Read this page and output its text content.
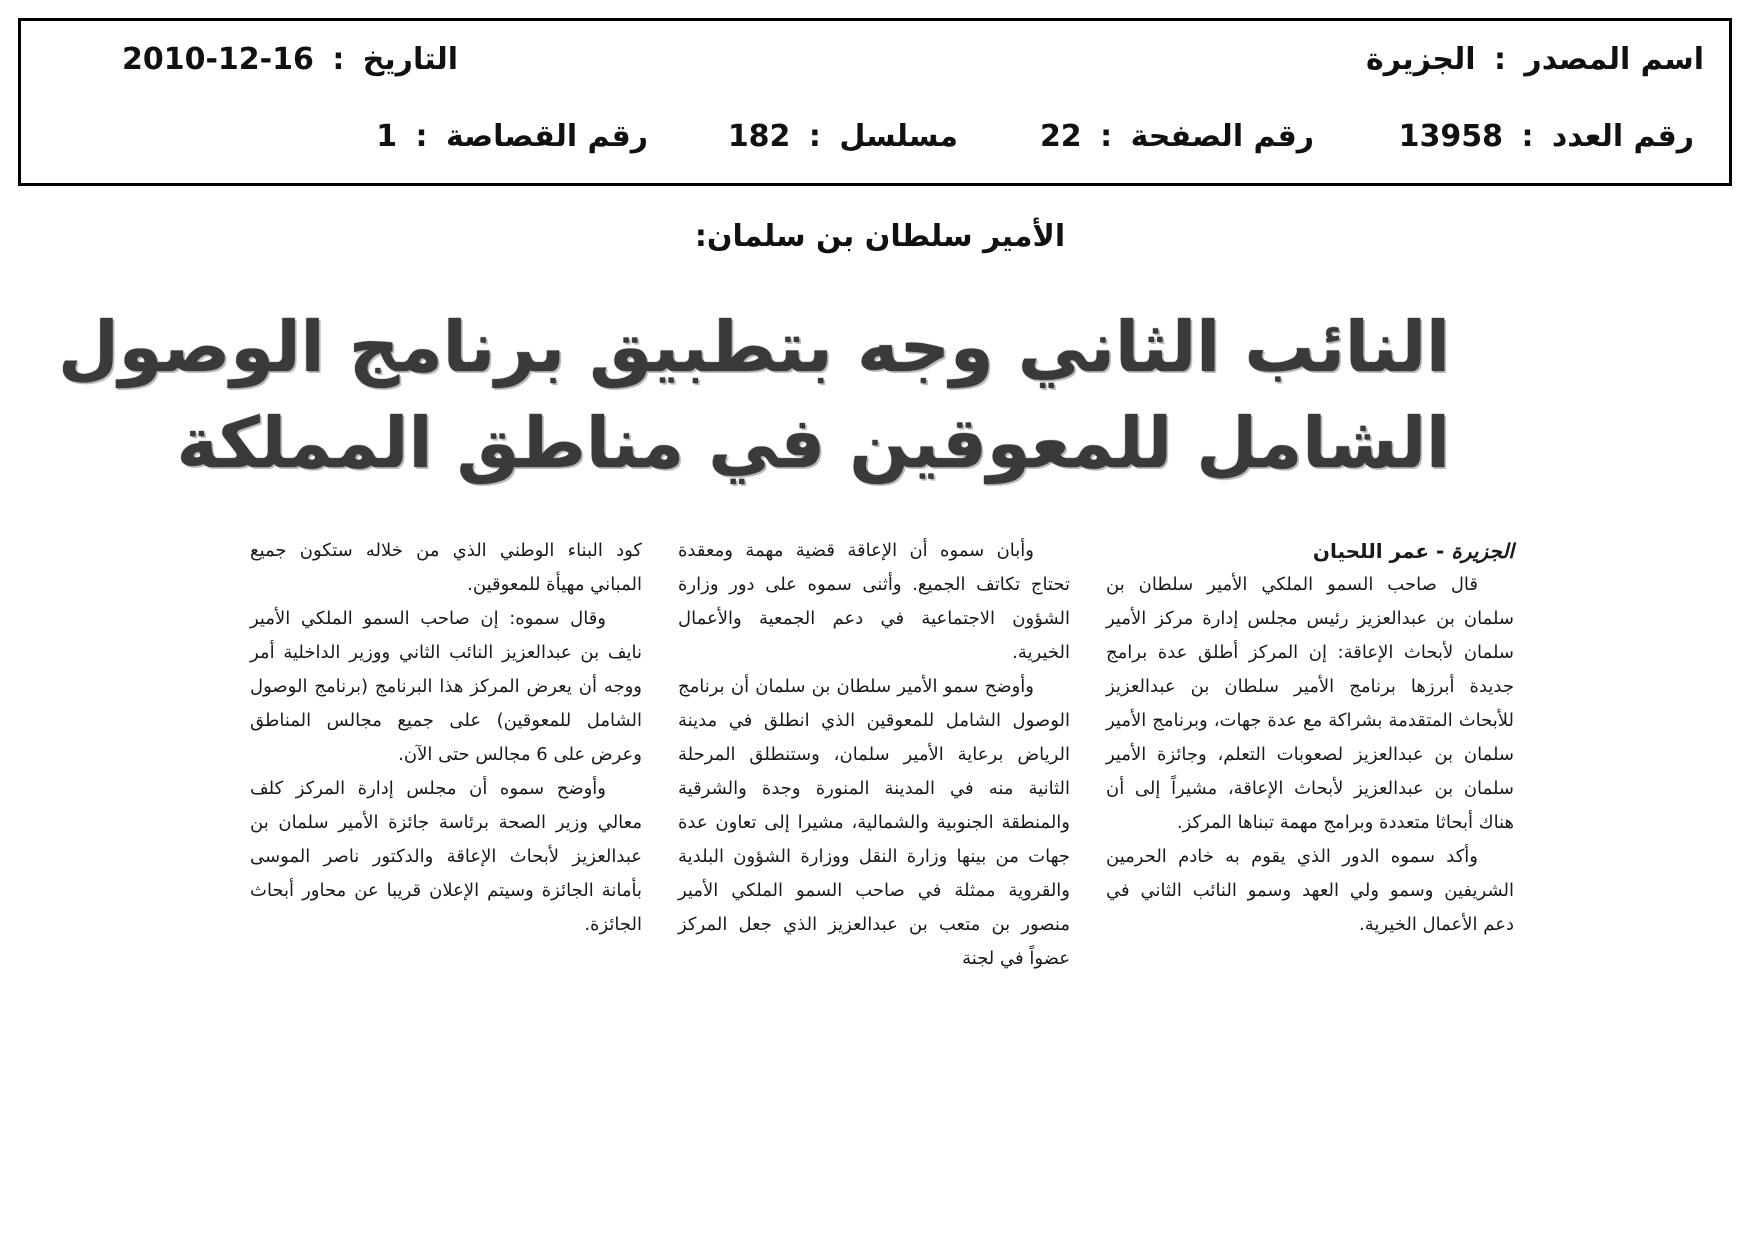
اسم المصدر : الجزيرة
التاريخ : 2010-12-16
رقم العدد : 13958
رقم الصفحة : 22
مسلسل : 182
رقم القصاصة : 1
الأمير سلطان بن سلمان:
النائب الثاني وجه بتطبيق برنامج الوصول
الشامل للمعوقين في مناطق المملكة
الجزيرة - عمر اللحيان
قال صاحب السمو الملكي الأمير سلطان بن سلمان بن عبدالعزيز رئيس مجلس إدارة مركز الأمير سلمان لأبحاث الإعاقة: إن المركز أطلق عدة برامج جديدة أبرزها برنامج الأمير سلطان بن عبدالعزيز للأبحاث المتقدمة بشراكة مع عدة جهات، وبرنامج الأمير سلمان بن عبدالعزيز لصعوبات التعلم، وجائزة الأمير سلمان بن عبدالعزيز لأبحاث الإعاقة، مشيراً إلى أن هناك أبحاثا متعددة وبرامج مهمة تبناها المركز.
وأكد سموه الدور الذي يقوم به خادم الحرمين الشريفين وسمو ولي العهد وسمو النائب الثاني في دعم الأعمال الخيرية.
وأبان سموه أن الإعاقة قضية مهمة ومعقدة تحتاج تكاتف الجميع. وأثنى سموه على دور وزارة الشؤون الاجتماعية في دعم الجمعية والأعمال الخيرية.
وأوضح سمو الأمير سلطان بن سلمان أن برنامج الوصول الشامل للمعوقين الذي انطلق في مدينة الرياض برعاية الأمير سلمان، وستنطلق المرحلة الثانية منه في المدينة المنورة وجدة والشرقية والمنطقة الجنوبية والشمالية، مشيرا إلى تعاون عدة جهات من بينها وزارة النقل ووزارة الشؤون البلدية والقروية ممثلة في صاحب السمو الملكي الأمير منصور بن متعب بن عبدالعزيز الذي جعل المركز عضواً في لجنة
كود البناء الوطني الذي من خلاله ستكون جميع المباني مهيأة للمعوقين.
وقال سموه: إن صاحب السمو الملكي الأمير نايف بن عبدالعزيز النائب الثاني ووزير الداخلية أمر ووجه أن يعرض المركز هذا البرنامج (برنامج الوصول الشامل للمعوقين) على جميع مجالس المناطق وعرض على 6 مجالس حتى الآن.
وأوضح سموه أن مجلس إدارة المركز كلف معالي وزير الصحة برئاسة جائزة الأمير سلمان بن عبدالعزيز لأبحاث الإعاقة والدكتور ناصر الموسى بأمانة الجائزة وسيتم الإعلان قريبا عن محاور أبحاث الجائزة.
